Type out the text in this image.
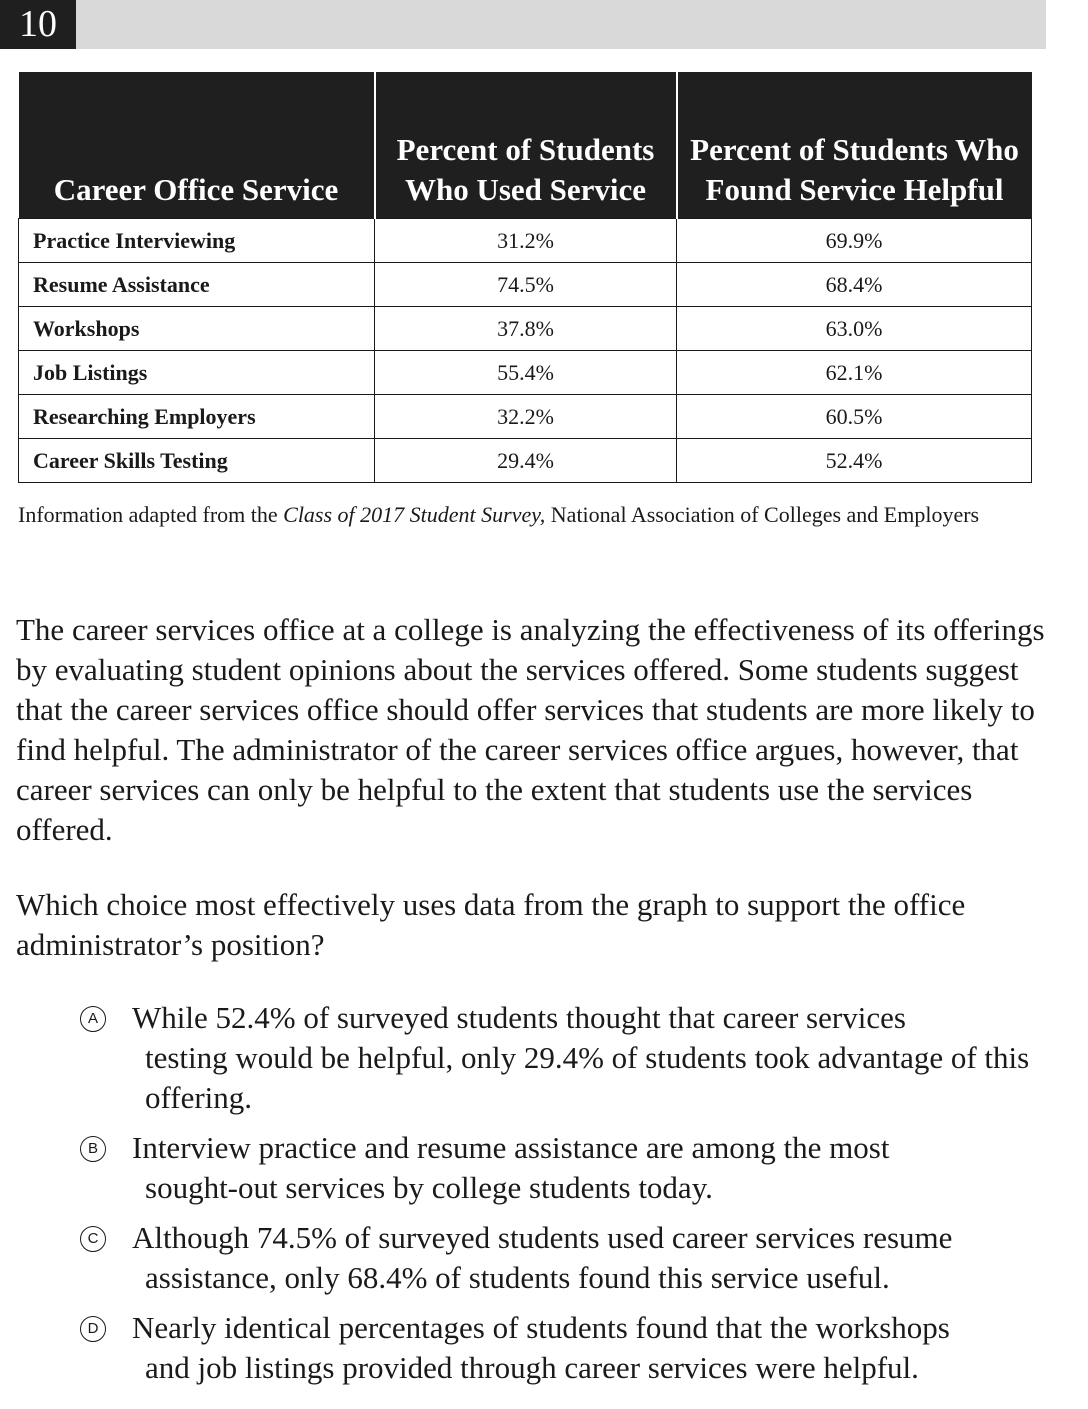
10
Career Office Service	Percent of Students Who Used Service	Percent of Students Who Found Service Helpful
Practice Interviewing	31.2%	69.9%
Resume Assistance	74.5%	68.4%
Workshops	37.8%	63.0%
Job Listings	55.4%	62.1%
Researching Employers	32.2%	60.5%
Career Skills Testing	29.4%	52.4%
Information adapted from the Class of 2017 Student Survey, National Association of Colleges and Employers
The career services office at a college is analyzing the effectiveness of its offerings by evaluating student opinions about the services offered. Some students suggest that the career services office should offer services that students are more likely to find helpful. The administrator of the career services office argues, however, that career services can only be helpful to the extent that students use the services offered.
Which choice most effectively uses data from the graph to support the office administrator’s position?
A While 52.4% of surveyed students thought that career services
testing would be helpful, only 29.4% of students took advantage of this offering.
B Interview practice and resume assistance are among the most
sought-out services by college students today.
C Although 74.5% of surveyed students used career services resume
assistance, only 68.4% of students found this service useful.
D Nearly identical percentages of students found that the workshops
and job listings provided through career services were helpful.
